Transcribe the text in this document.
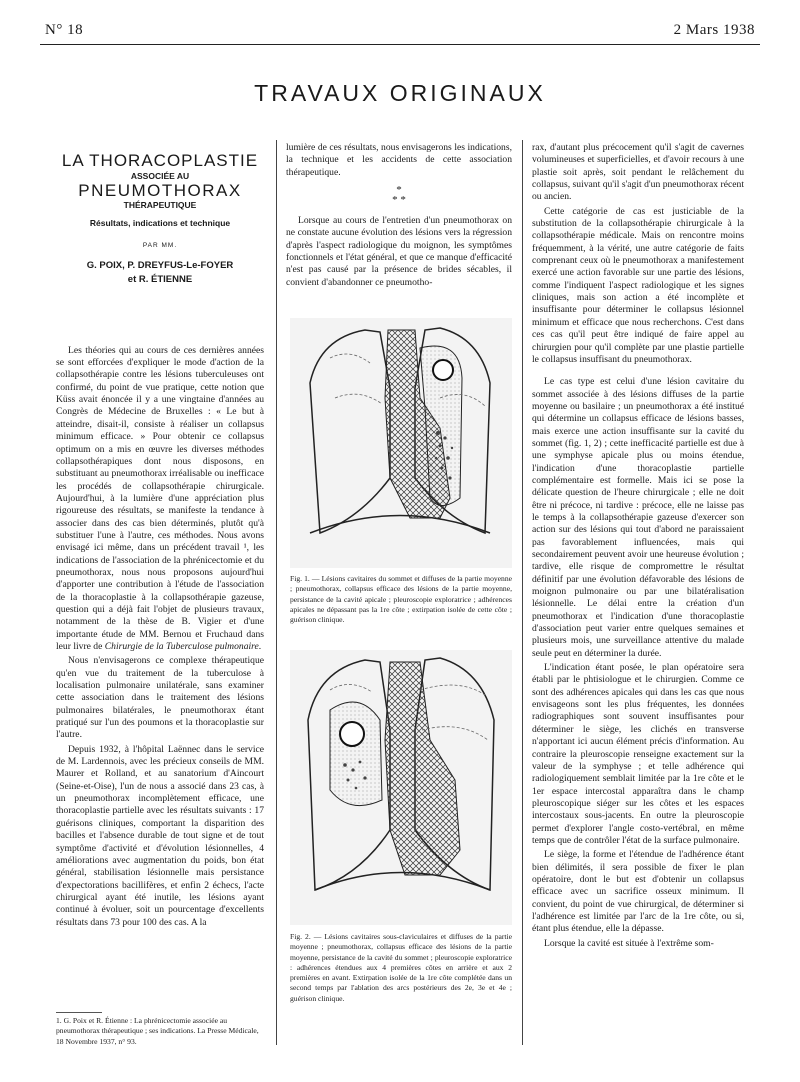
N° 18	2 Mars 1938
TRAVAUX ORIGINAUX
LA THORACOPLASTIE
ASSOCIÉE AU
PNEUMOTHORAX
THÉRAPEUTIQUE
Résultats, indications et technique
PAR MM.
G. POIX, P. DREYFUS-Le-FOYER
et R. ÉTIENNE

Les théories qui au cours de ces dernières années se sont efforcées d'expliquer le mode d'action de la collapsothérapie contre les lésions tuberculeuses ont confirmé, du point de vue pratique, cette notion que Küss avait énoncée il y a une vingtaine d'années au Congrès de Médecine de Bruxelles : « Le but à atteindre, disait-il, consiste à réaliser un collapsus minimum efficace. » Pour obtenir ce collapsus optimum on a mis en œuvre les diverses méthodes collapsothérapiques dont nous disposons, en substituant au pneumothorax irréalisable ou inefficace les procédés de collapsothérapie chirurgicale. Aujourd'hui, à la lumière d'une appréciation plus rigoureuse des résultats, se manifeste la tendance à associer dans des cas bien déterminés, plutôt qu'à substituer l'une à l'autre, ces méthodes. Nous avons envisagé ici même, dans un précédent travail ¹, les indications de l'association de la phrénicectomie et du pneumothorax, nous nous proposons aujourd'hui d'apporter une contribution à l'étude de l'association de la thoracoplastie à la collapsothérapie gazeuse, question qui a déjà fait l'objet de plusieurs travaux, notamment de la thèse de B. Vigier et d'une importante étude de MM. Bernou et Fruchaud dans leur livre de Chirurgie de la Tuberculose pulmonaire.

Nous n'envisagerons ce complexe thérapeutique qu'en vue du traitement de la tuberculose à localisation pulmonaire unilatérale, sans examiner cette association dans le traitement des lésions pulmonaires bilatérales, le pneumothorax étant pratiqué sur l'un des poumons et la thoracoplastie sur l'autre.

Depuis 1932, à l'hôpital Laënnec dans le service de M. Lardennois, avec les précieux conseils de MM. Maurer et Rolland, et au sanatorium d'Aincourt (Seine-et-Oise), l'un de nous a associé dans 23 cas, à un pneumothorax incomplètement efficace, une thoracoplastie partielle avec les résultats suivants : 17 guérisons cliniques, comportant la disparition des bacilles et l'absence durable de tout signe et de tout symptôme d'activité et d'évolution lésionnelles, 4 améliorations avec augmentation du poids, bon état général, stabilisation lésionnelle mais persistance d'expectorations bacillifères, et enfin 2 échecs, l'acte chirurgical ayant été inutile, les lésions ayant continué à évoluer, soit un pourcentage d'excellents résultats dans 73 pour 100 des cas. A la

1. G. Poix et R. Étienne : La phrénicectomie associée au pneumothorax thérapeutique ; ses indications. La Presse Médicale, 18 Novembre 1937, n° 93.

lumière de ces résultats, nous envisagerons les indications, la technique et les accidents de cette association thérapeutique.

*
* *

Lorsque au cours de l'entretien d'un pneumothorax on ne constate aucune évolution des lésions vers la régression d'après l'aspect radiologique du moignon, les symptômes fonctionnels et l'état général, et que ce manque d'efficacité n'est pas causé par la présence de brides sécables, il convient d'abandonner ce pneumotho-

Fig. 1. — Lésions cavitaires du sommet et diffuses de la partie moyenne ; pneumothorax, collapsus efficace des lésions de la partie moyenne, persistance de la cavité apicale ; pleuroscopie exploratrice ; adhérences apicales ne dépassant pas la 1re côte ; extirpation isolée de cette côte ; guérison clinique.
Fig. 2. — Lésions cavitaires sous-claviculaires et diffuses de la partie moyenne ; pneumothorax, collapsus efficace des lésions de la partie moyenne, persistance de la cavité du sommet ; pleuroscopie exploratrice : adhérences étendues aux 4 premières côtes en arrière et aux 2 premières en avant. Extirpation isolée de la 1re côte complétée dans un second temps par l'ablation des arcs postérieurs des 2e, 3e et 4e ; guérison clinique.

rax, d'autant plus précocement qu'il s'agit de cavernes volumineuses et superficielles, et d'avoir recours à une plastie soit après, soit pendant le relâchement du collapsus, suivant qu'il s'agit d'un pneumothorax récent ou ancien.

Cette catégorie de cas est justiciable de la substitution de la collapsothérapie chirurgicale à la collapsothérapie médicale. Mais on rencontre moins fréquemment, à la vérité, une autre catégorie de faits comprenant ceux où le pneumothorax a manifestement exercé une action favorable sur une partie des lésions, comme l'indiquent l'aspect radiologique et les signes cliniques, mais son action a été incomplète et insuffisante pour déterminer le collapsus lésionnel minimum et efficace que nous recherchons. C'est dans ces cas qu'il peut être indiqué de faire appel au chirurgien pour qu'il complète par une plastie partielle le collapsus insuffisant du pneumothorax.

Le cas type est celui d'une lésion cavitaire du sommet associée à des lésions diffuses de la partie moyenne ou basilaire ; un pneumothorax a été institué qui détermine un collapsus efficace de lésions basses, mais exerce une action insuffisante sur la cavité du sommet (fig. 1, 2) ; cette inefficacité partielle est due à une symphyse apicale plus ou moins étendue, l'indication d'une thoracoplastie partielle complémentaire est formelle. Mais ici se pose la délicate question de l'heure chirurgicale ; elle ne doit être ni précoce, ni tardive : précoce, elle ne laisse pas le temps à la collapsothérapie gazeuse d'exercer son action sur des lésions qui tout d'abord ne paraissaient pas favorablement influencées, mais qui secondairement peuvent avoir une heureuse évolution ; tardive, elle risque de compromettre le résultat définitif par une évolution défavorable des lésions de moignon pulmonaire ou par une bilatéralisation lésionnelle. Le délai entre la création d'un pneumothorax et l'indication d'une thoracoplastie d'association peut varier entre quelques semaines et plusieurs mois, une surveillance attentive du malade seule peut en déterminer la durée.

L'indication étant posée, le plan opératoire sera établi par le phtisiologue et le chirurgien. Comme ce sont des adhérences apicales qui dans les cas que nous envisageons sont les plus fréquentes, les données radiographiques sont souvent insuffisantes pour déterminer le siège, les clichés en transverse n'apportant ici aucun élément précis d'information. Au contraire la pleuroscopie renseigne exactement sur la valeur de la symphyse ; et telle adhérence qui radiologiquement semblait limitée par la 1re côte et le 1er espace intercostal apparaîtra dans le champ pleuroscopique siéger sur les côtes et les espaces intercostaux sous-jacents. En outre la pleuroscopie permet d'explorer l'angle costo-vertébral, en même temps que de contrôler l'état de la surface pulmonaire.

Le siège, la forme et l'étendue de l'adhérence étant bien délimités, il sera possible de fixer le plan opératoire, dont le but est d'obtenir un collapsus efficace avec un sacrifice osseux minimum. Il convient, du point de vue chirurgical, de déterminer si l'adhérence est limitée par l'arc de la 1re côte, ou si, étant plus étendue, elle la dépasse.

Lorsque la cavité est située à l'extrême som-
